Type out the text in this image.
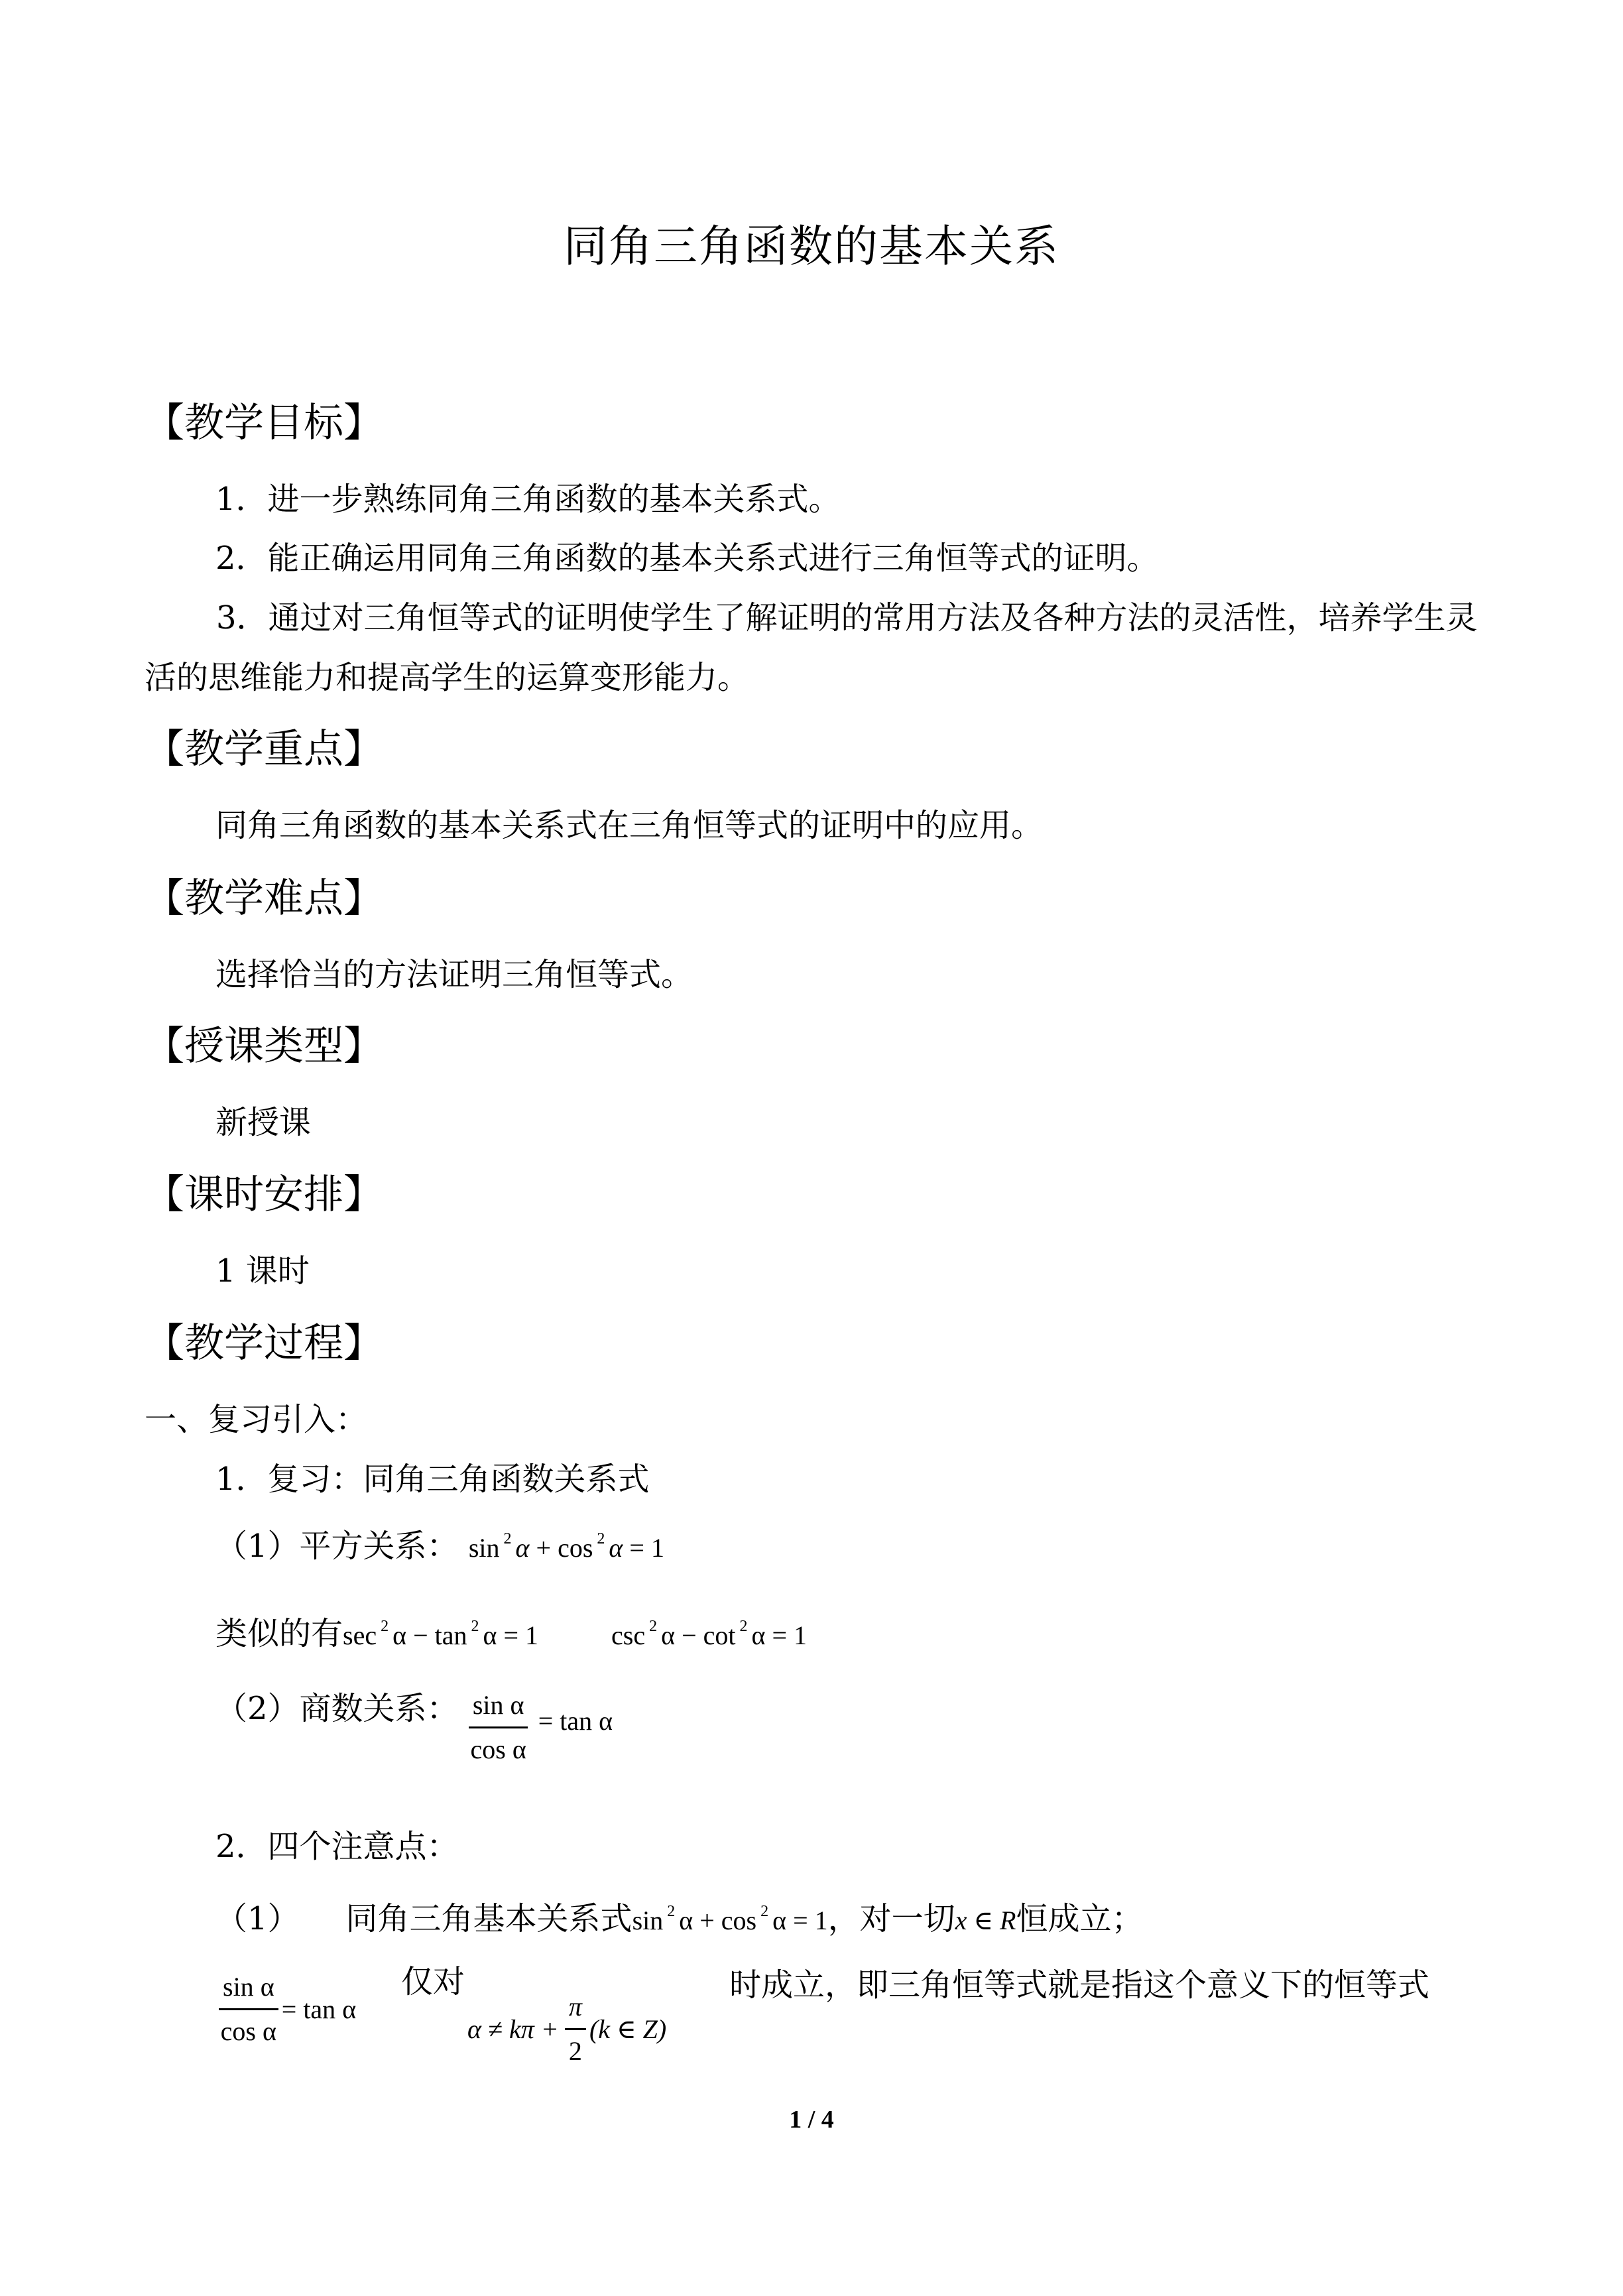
同角三角函数的基本关系
【教学目标】
1．进一步熟练同角三角函数的基本关系式。
2．能正确运用同角三角函数的基本关系式进行三角恒等式的证明。
3．通过对三角恒等式的证明使学生了解证明的常用方法及各种方法的灵活性，培养学生灵活的思维能力和提高学生的运算变形能力。
【教学重点】
同角三角函数的基本关系式在三角恒等式的证明中的应用。
【教学难点】
选择恰当的方法证明三角恒等式。
【授课类型】
新授课
【课时安排】
1 课时
【教学过程】
一、复习引入：
1．复习：同角三角函数关系式
（1）平方关系： sin $^2$ α + cos $^2$ α = 1
类似的有sec $^2$ α − tan $^2$ α = 1	csc $^2$ α − cot $^2$ α = 1
（2）商数关系： $\frac{\text{sin α}}{\text{cos α}} = \tan \alpha$
2．四个注意点：
（1） 同角三角基本关系式sin $^2$ α + cos $^2$ α = 1，对一切x ∈ R恒成立；
$\frac{\text{sin α}}{\text{cos α}} = \tan \alpha$
仅对
$\alpha \ne k\pi + \frac{\pi}{2} (k$ ∈ Z)
时成立，即三角恒等式就是指这个意义下的恒等式
1 / 4
